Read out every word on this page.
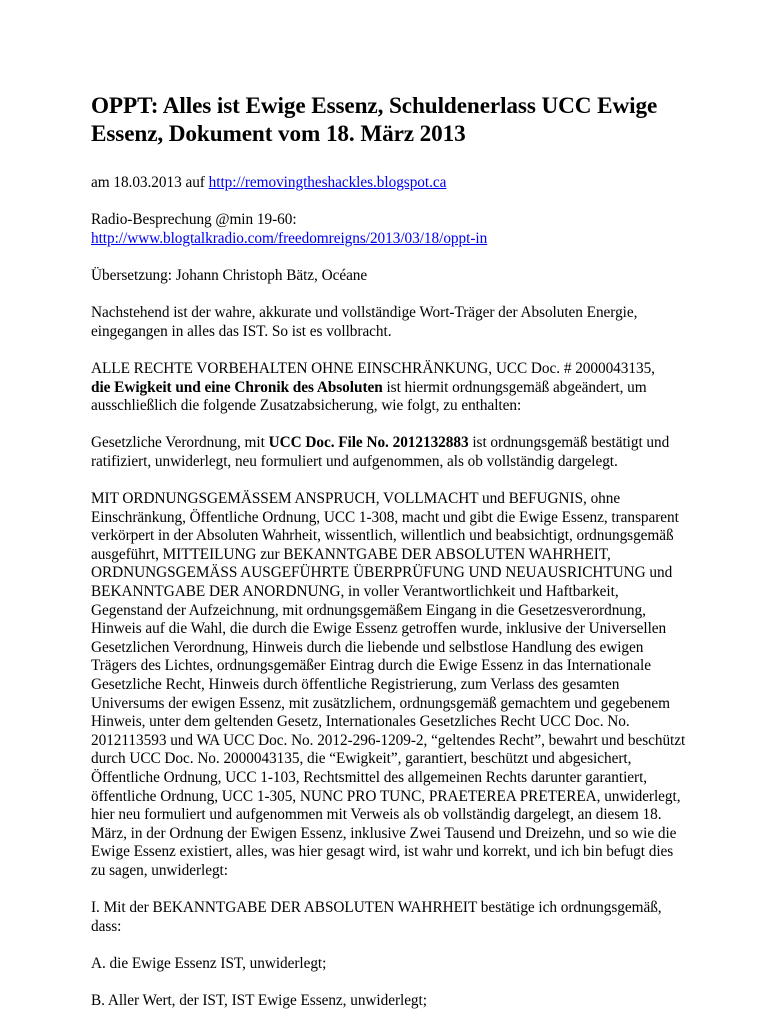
OPPT: Alles ist Ewige Essenz, Schuldenerlass UCC Ewige Essenz, Dokument vom 18. März 2013

am 18.03.2013 auf http://removingtheshackles.blogspot.ca

Radio-Besprechung @min 19-60:
http://www.blogtalkradio.com/freedomreigns/2013/03/18/oppt-in

Übersetzung: Johann Christoph Bätz, Océane

Nachstehend ist der wahre, akkurate und vollständige Wort-Träger der Absoluten Energie, eingegangen in alles das IST. So ist es vollbracht.

ALLE RECHTE VORBEHALTEN OHNE EINSCHRÄNKUNG, UCC Doc. # 2000043135,
die Ewigkeit und eine Chronik des Absoluten ist hiermit ordnungsgemäß abgeändert, um ausschließlich die folgende Zusatzabsicherung, wie folgt, zu enthalten:

Gesetzliche Verordnung, mit UCC Doc. File No. 2012132883 ist ordnungsgemäß bestätigt und ratifiziert, unwiderlegt, neu formuliert und aufgenommen, als ob vollständig dargelegt.

MIT ORDNUNGSGEMÄSSEM ANSPRUCH, VOLLMACHT und BEFUGNIS, ohne Einschränkung, Öffentliche Ordnung, UCC 1-308, macht und gibt die Ewige Essenz, transparent verkörpert in der Absoluten Wahrheit, wissentlich, willentlich und beabsichtigt, ordnungsgemäß ausgeführt, MITTEILUNG zur BEKANNTGABE DER ABSOLUTEN WAHRHEIT, ORDNUNGSGEMÄSS AUSGEFÜHRTE ÜBERPRÜFUNG UND NEUAUSRICHTUNG und BEKANNTGABE DER ANORDNUNG, in voller Verantwortlichkeit und Haftbarkeit, Gegenstand der Aufzeichnung, mit ordnungsgemäßem Eingang in die Gesetzesverordnung, Hinweis auf die Wahl, die durch die Ewige Essenz getroffen wurde, inklusive der Universellen Gesetzlichen Verordnung, Hinweis durch die liebende und selbstlose Handlung des ewigen Trägers des Lichtes, ordnungsgemäßer Eintrag durch die Ewige Essenz in das Internationale Gesetzliche Recht, Hinweis durch öffentliche Registrierung, zum Verlass des gesamten Universums der ewigen Essenz, mit zusätzlichem, ordnungsgemäß gemachtem und gegebenem Hinweis, unter dem geltenden Gesetz, Internationales Gesetzliches Recht UCC Doc. No. 2012113593 und WA UCC Doc. No. 2012-296-1209-2, “geltendes Recht”, bewahrt und beschützt durch UCC Doc. No. 2000043135, die “Ewigkeit”, garantiert, beschützt und abgesichert, Öffentliche Ordnung, UCC 1-103, Rechtsmittel des allgemeinen Rechts darunter garantiert, öffentliche Ordnung, UCC 1-305, NUNC PRO TUNC, PRAETEREA PRETEREA, unwiderlegt, hier neu formuliert und aufgenommen mit Verweis als ob vollständig dargelegt, an diesem 18. März, in der Ordnung der Ewigen Essenz, inklusive Zwei Tausend und Dreizehn, und so wie die Ewige Essenz existiert, alles, was hier gesagt wird, ist wahr und korrekt, und ich bin befugt dies zu sagen, unwiderlegt:

I. Mit der BEKANNTGABE DER ABSOLUTEN WAHRHEIT bestätige ich ordnungsgemäß, dass:

A. die Ewige Essenz IST, unwiderlegt;

B. Aller Wert, der IST, IST Ewige Essenz, unwiderlegt;
